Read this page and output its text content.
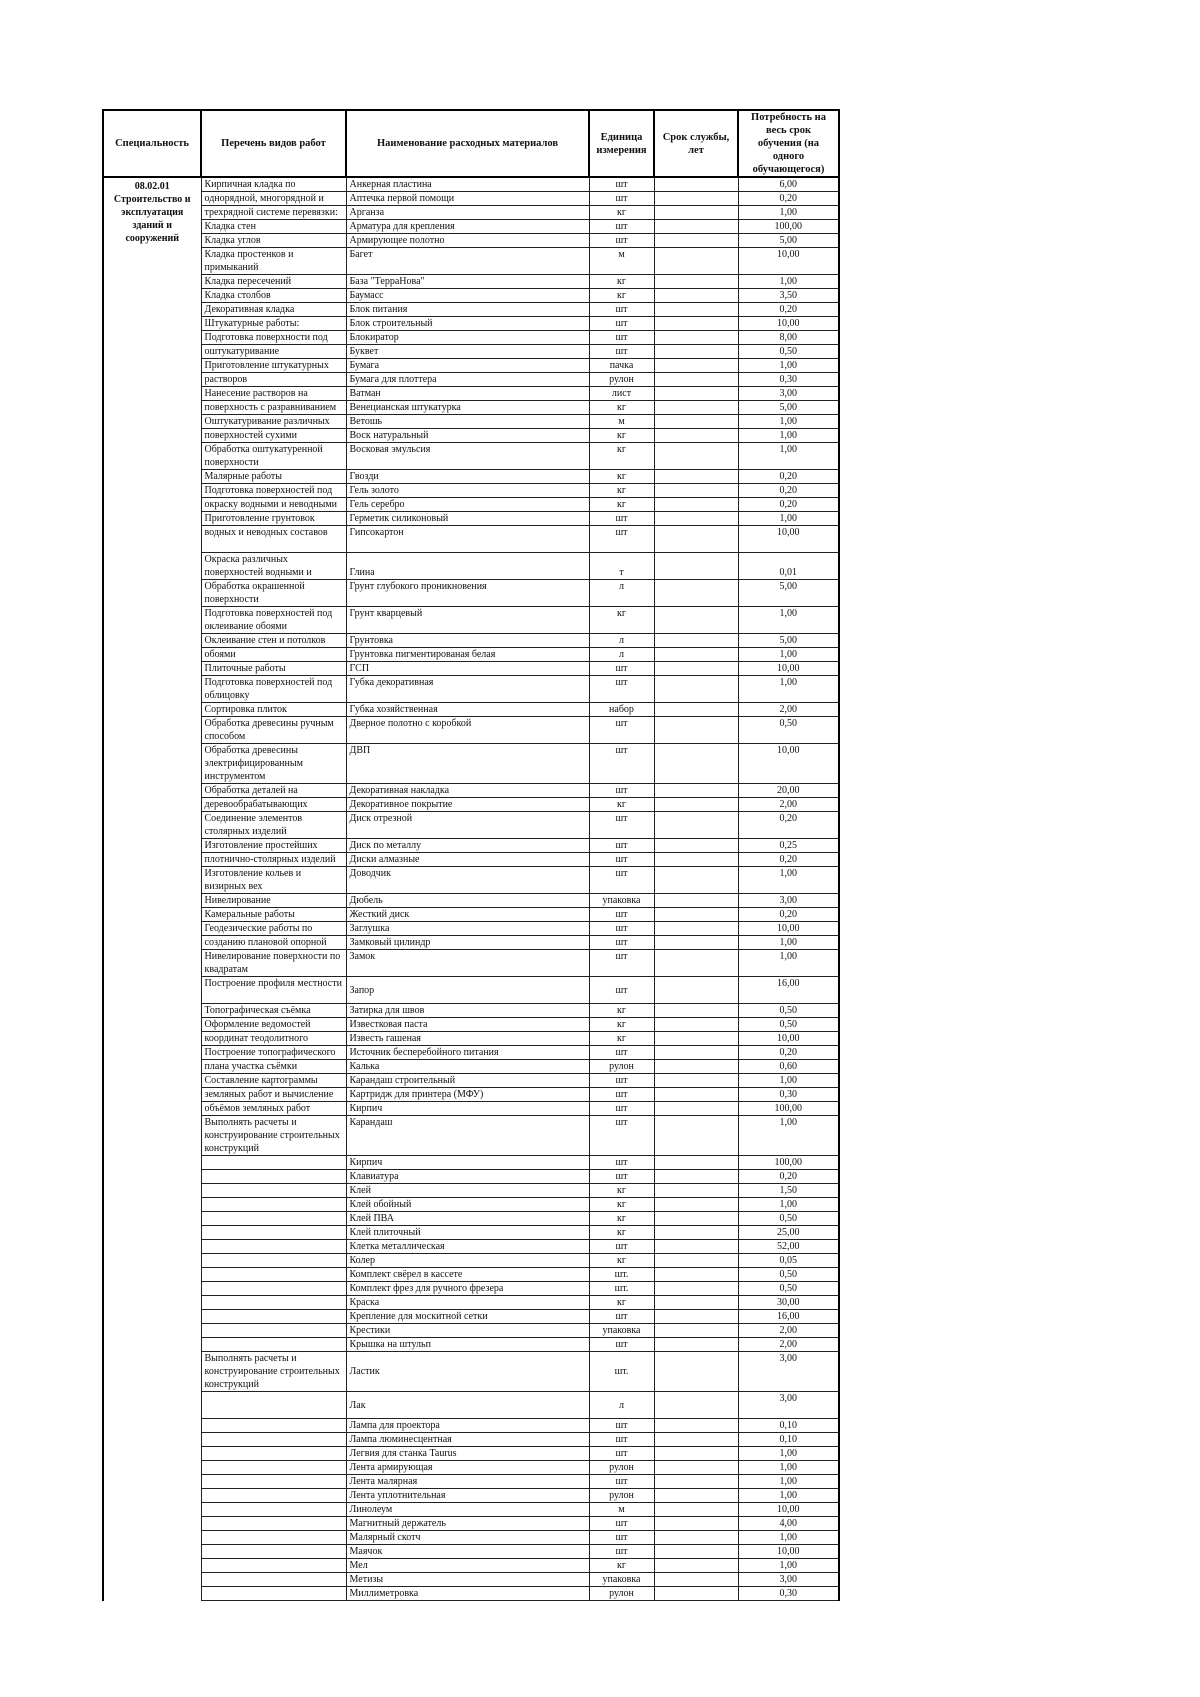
Специальность	Перечень видов работ	Наименование расходных материалов	Единица измерения	Срок службы, лет	Потребность на весь срок обучения (на одного обучающегося)
08.02.01 Строительство и эксплуатация зданий и сооружений	Кирпичная кладка по	Анкерная пластина	шт		6,00
	однорядной, многорядной и	Аптечка первой помощи	шт		0,20
	трехрядной системе перевязки:	Арганза	кг		1,00
	Кладка стен	Арматура для крепления	шт		100,00
	Кладка углов	Армирующее полотно	шт		5,00
	Кладка простенков и примыканий	Багет	м		10,00
	Кладка пересечений	База "ТерраНова"	кг		1,00
	Кладка столбов	Баумасс	кг		3,50
	Декоративная кладка	Блок питания	шт		0,20
	Штукатурные работы:	Блок строительный	шт		10,00
	Подготовка поверхности под	Блокиратор	шт		8,00
	оштукатуривание	Буквет	шт		0,50
	Приготовление штукатурных	Бумага	пачка		1,00
	растворов	Бумага для плоттера	рулон		0,30
	Нанесение растворов на	Ватман	лист		3,00
	поверхность с разравниванием	Венецианская штукатурка	кг		5,00
	Оштукатуривание различных	Ветошь	м		1,00
	поверхностей сухими	Воск натуральный	кг		1,00
	Обработка оштукатуренной поверхности	Восковая эмульсия	кг		1,00
	Малярные работы	Гвозди	кг		0,20
	Подготовка поверхностей под	Гель золото	кг		0,20
	окраску водными и неводными	Гель серебро	кг		0,20
	Приготовление грунтовок	Герметик силиконовый	шт		1,00
	водных и неводных составов	Гипсокартон	шт		10,00
	Окраска различных поверхностей водными и	Глина	т		0,01
	Обработка окрашенной поверхности	Грунт глубокого проникновения	л		5,00
	Подготовка поверхностей под оклеивание обоями	Грунт кварцевый	кг		1,00
	Оклеивание стен и потолков	Грунтовка	л		5,00
	обоями	Грунтовка пигментированая белая	л		1,00
	Плиточные работы	ГСП	шт		10,00
	Подготовка поверхностей под облицовку	Губка декоративная	шт		1,00
	Сортировка плиток	Губка хозяйственная	набор		2,00
	Обработка древесины ручным способом	Дверное полотно с коробкой	шт		0,50
	Обработка древесины электрифицированным инструментом	ДВП	шт		10,00
	Обработка деталей на	Декоративная накладка	шт		20,00
	деревообрабатывающих	Декоративное покрытие	кг		2,00
	Соединение элементов столярных изделий	Диск отрезной	шт		0,20
	Изготовление простейших	Диск по металлу	шт		0,25
	плотнично-столярных изделий	Диски алмазные	шт		0,20
	Изготовление кольев и визирных вех	Доводчик	шт		1,00
	Нивелирование	Дюбель	упаковка		3,00
	Камеральные работы	Жесткий диск	шт		0,20
	Геодезические работы по	Заглушка	шт		10,00
	созданию плановой опорной	Замковый цилиндр	шт		1,00
	Нивелирование поверхности по квадратам	Замок	шт		1,00
	Построение профиля местности	Запор	шт		16,00
	Топографическая съёмка	Затирка для швов	кг		0,50
	Оформление ведомостей	Известковая паста	кг		0,50
	координат теодолитного	Известь гашеная	кг		10,00
	Построение топографического	Источник бесперебойного питания	шт		0,20
	плана участка съёмки	Калька	рулон		0,60
	Составление картограммы	Карандаш строительный	шт		1,00
	земляных работ и вычисление	Картридж для принтера (МФУ)	шт		0,30
	объёмов земляных работ	Кирпич	шт		100,00
	Выполнять расчеты и конструирование строительных конструкций	Карандаш	шт		1,00
		Кирпич	шт		100,00
		Клавиатура	шт		0,20
		Клей	кг		1,50
		Клей обойный	кг		1,00
		Клей ПВА	кг		0,50
		Клей плиточный	кг		25,00
		Клетка металлическая	шт		52,00
		Колер	кг		0,05
		Комплект свёрел в кассете	шт.		0,50
		Комплект фрез для ручного фрезера	шт.		0,50
		Краска	кг		30,00
		Крепление для москитной сетки	шт		16,00
		Крестики	упаковка		2,00
		Крышка на штульп	шт		2,00
	Выполнять расчеты и конструирование строительных конструкций	Ластик	шт.		3,00
		Лак	л		3,00
		Лампа для проектора	шт		0,10
		Лампа люминесцентная	шт		0,10
		Легвия для станка Taurus	шт		1,00
		Лента армирующая	рулон		1,00
		Лента малярная	шт		1,00
		Лента уплотнительная	рулон		1,00
		Линолеум	м		10,00
		Магнитный держатель	шт		4,00
		Малярный скотч	шт		1,00
		Маячок	шт		10,00
		Мел	кг		1,00
		Метизы	упаковка		3,00
		Миллиметровка	рулон		0,30
